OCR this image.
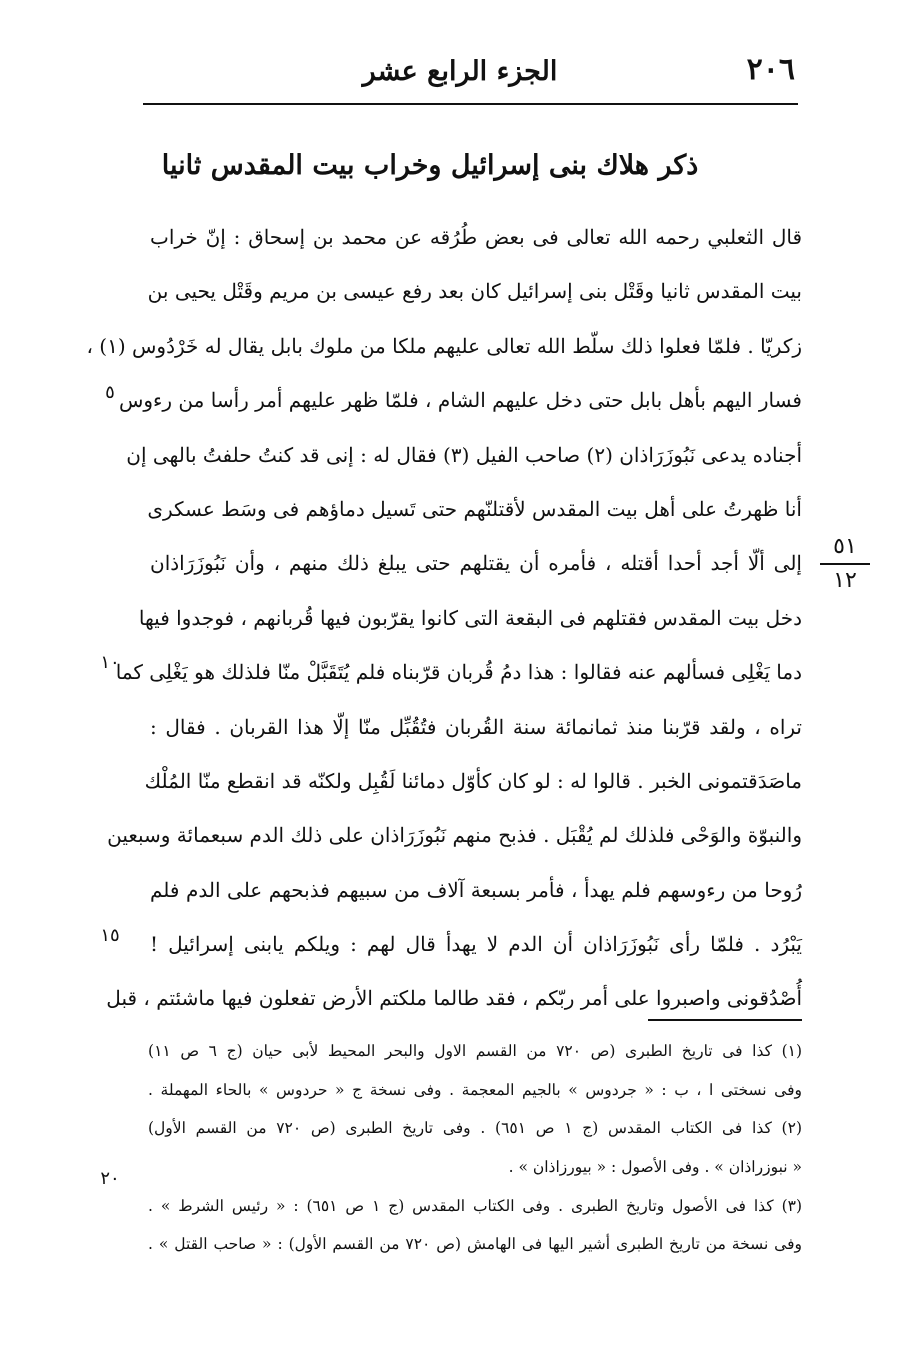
٢٠٦
الجزء الرابع عشر
ذكر هلاك بنى إسرائيل وخراب بيت المقدس ثانيا
قال الثعلبي رحمه الله تعالى فى بعض طُرُقه عن محمد بن إسحاق : إنّ خراب
بيت المقدس ثانيا وقَتْل بنى إسرائيل كان بعد رفع عيسى بن مريم وقَتْل يحيى بن
زكريّا . فلمّا فعلوا ذلك سلّط الله تعالى عليهم ملكا من ملوك بابل يقال له خَرْدُوس (١) ،
فسار اليهم بأهل بابل حتى دخل عليهم الشام ، فلمّا ظهر عليهم أمر رأسا من رءوس
أجناده يدعى نَبُوزَرَاذان (٢) صاحب الفيل (٣) فقال له : إنى قد كنتُ حلفتُ بالهى إن
أنا ظهرتُ على أهل بيت المقدس لأقتلنّهم حتى تَسيل دماؤهم فى وسَط عسكرى
إلى ألّا أجد أحدا أقتله ، فأمره أن يقتلهم حتى يبلغ ذلك منهم ، وأن نَبُوزَرَاذان
دخل بيت المقدس فقتلهم فى البقعة التى كانوا يقرّبون فيها قُربانهم ، فوجدوا فيها
دما يَغْلِى فسألهم عنه فقالوا : هذا دمُ قُربان قرّبناه فلم يُتَقَبَّلْ منّا فلذلك هو يَغْلِى كما
تراه ، ولقد قرّبنا منذ ثمانمائة سنة القُربان فتُقُبِّل منّا إلّا هذا القربان . فقال :
ماصَدَقتمونى الخبر . قالوا له : لو كان كأوّل دمائنا لَقُبِل ولكنّه قد انقطع منّا المُلْك
والنبوّة والوَحْى فلذلك لم يُقْبَل . فذبح منهم نَبُوزَرَاذان على ذلك الدم سبعمائة وسبعين
رُوحا من رءوسهم فلم يهدأ ، فأمر بسبعة آلاف من سبيهم فذبحهم على الدم فلم
يَبْرُد . فلمّا رأى نَبُوزَرَاذان أن الدم لا يهدأ قال لهم : ويلكم يابنى إسرائيل !
أُصْدُقونى واصبروا على أمر ربّكم ، فقد طالما ملكتم الأرض تفعلون فيها ماشئتم ، قبل
٥
١٠
١٥
٢٠
٥١
١٢
(١) كذا فى تاريخ الطبرى (ص ٧٢٠ من القسم الاول والبحر المحيط لأبى حيان (ج ٦ ص ١١)
وفى نسختى ا ، ب : « جردوس » بالجيم المعجمة . وفى نسخة ج « حردوس » بالحاء المهملة .
(٢) كذا فى الكتاب المقدس (ج ١ ص ٦٥١) . وفى تاريخ الطبرى (ص ٧٢٠ من القسم الأول)
« نبوزراذان » . وفى الأصول : « بيورزاذان » .
(٣) كذا فى الأصول وتاريخ الطبرى . وفى الكتاب المقدس (ج ١ ص ٦٥١) : « رئيس الشرط » .
وفى نسخة من تاريخ الطبرى أشير اليها فى الهامش (ص ٧٢٠ من القسم الأول) : « صاحب القتل » .
